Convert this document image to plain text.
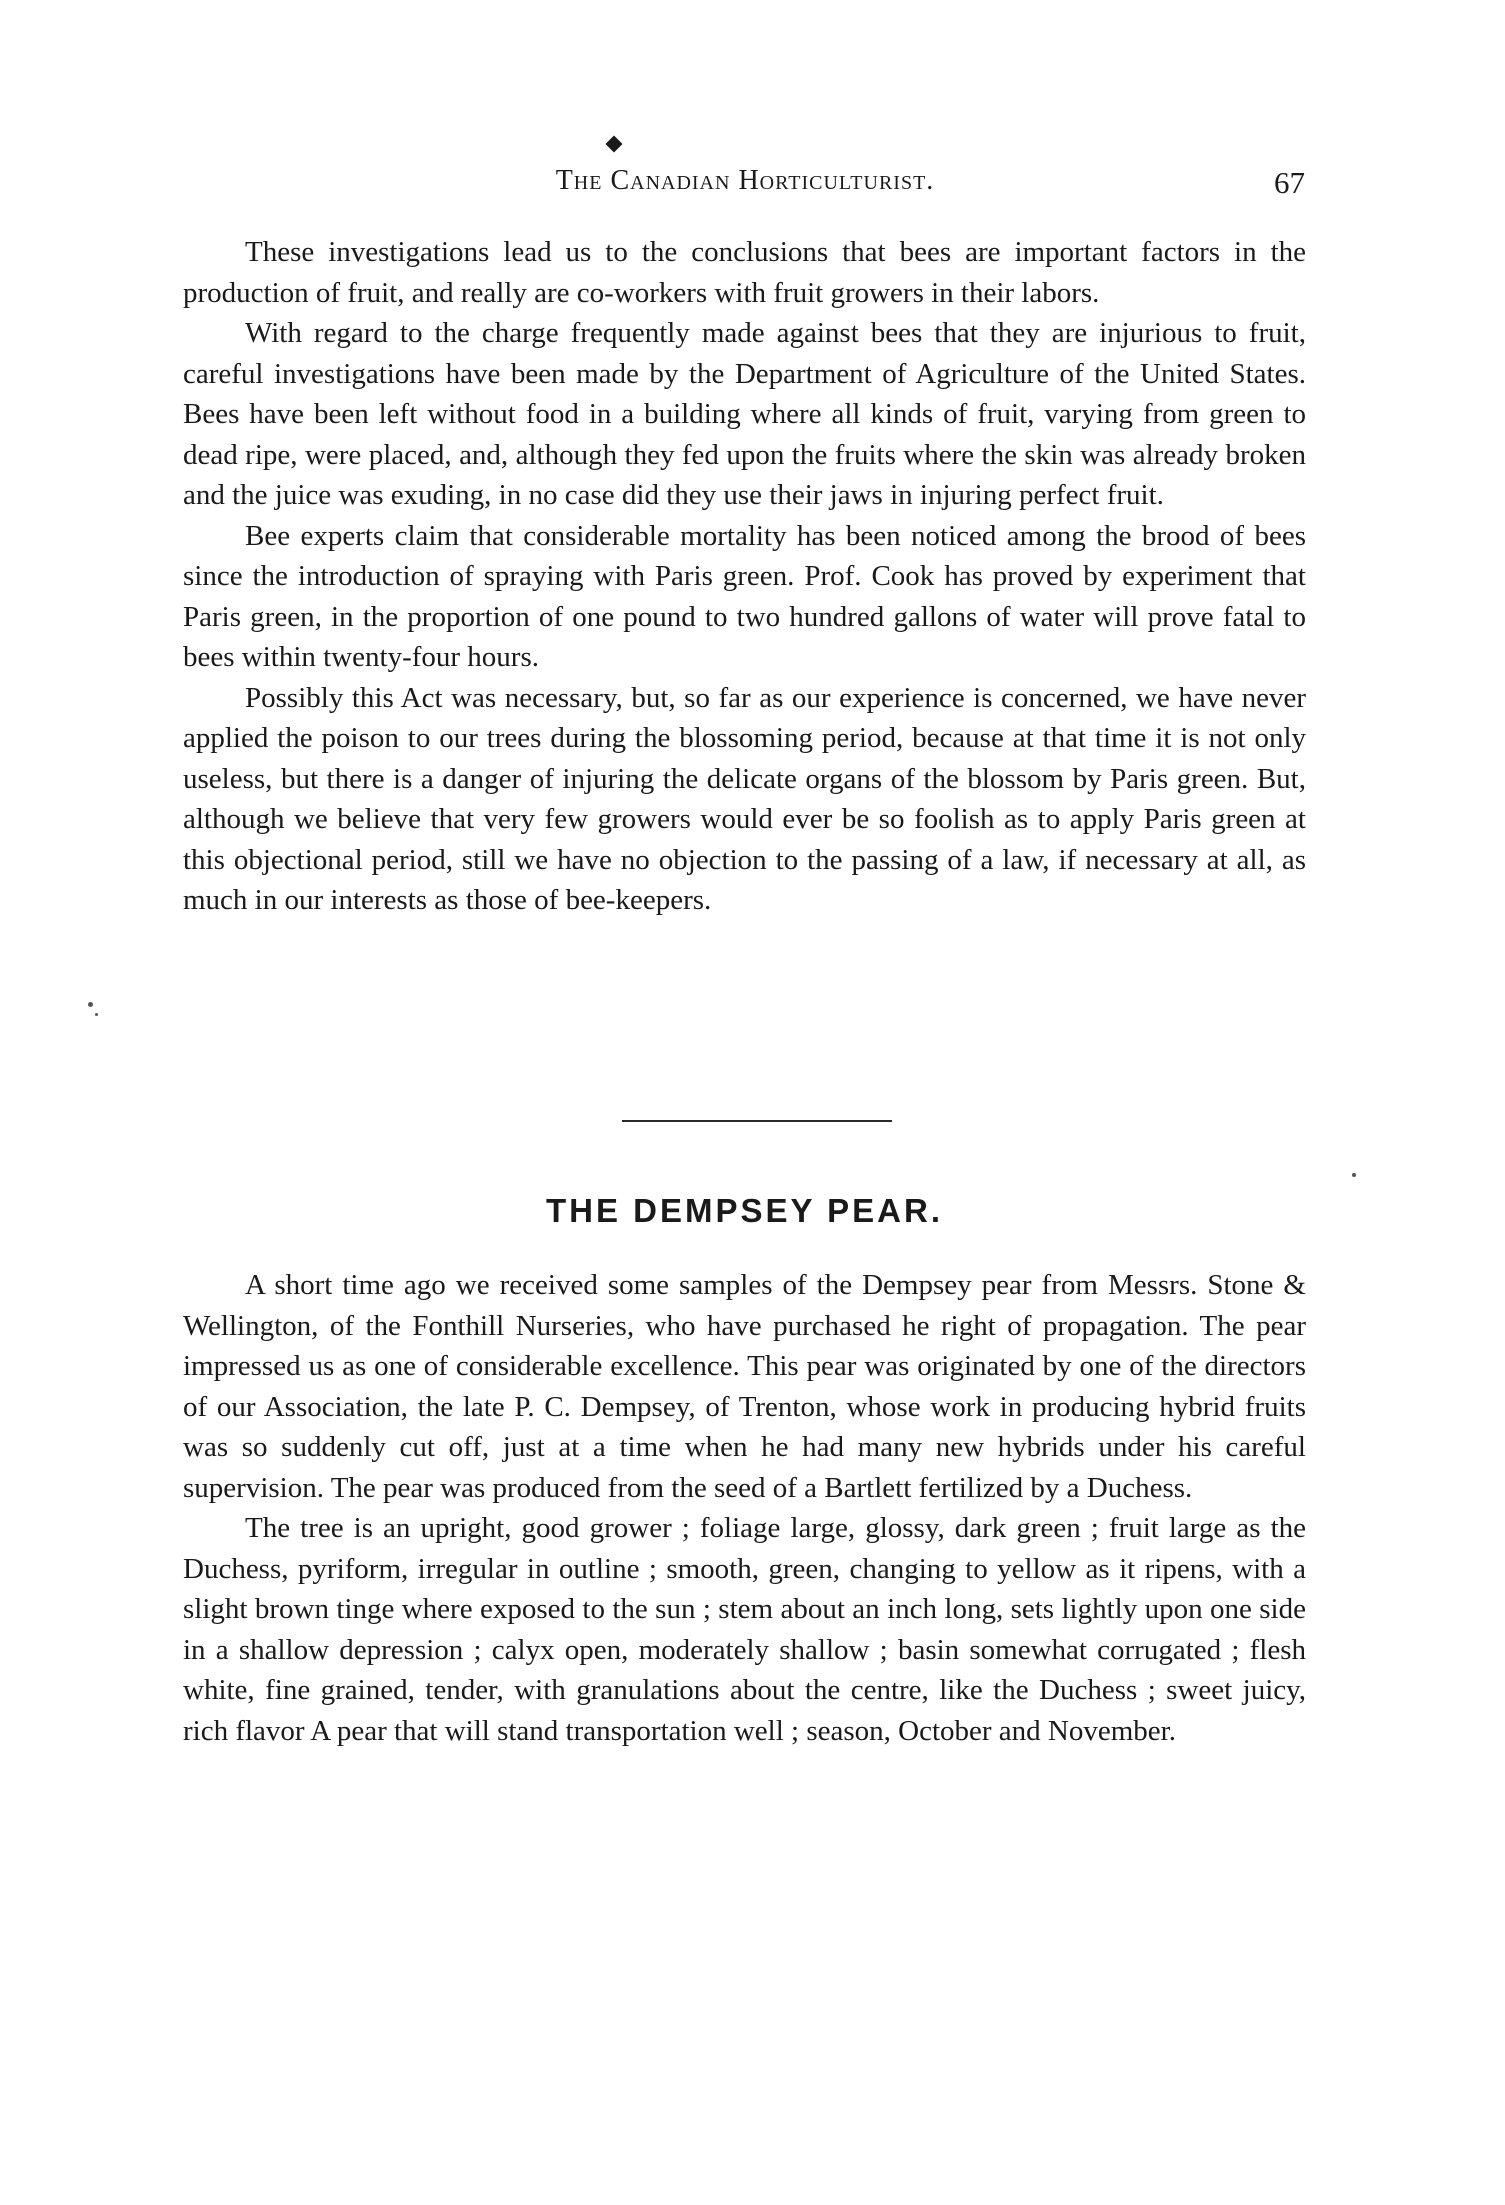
The Canadian Horticulturist.	67

These investigations lead us to the conclusions that bees are important factors in the production of fruit, and really are co-workers with fruit growers in their labors.

With regard to the charge frequently made against bees that they are injurious to fruit, careful investigations have been made by the Department of Agriculture of the United States. Bees have been left without food in a building where all kinds of fruit, varying from green to dead ripe, were placed, and, although they fed upon the fruits where the skin was already broken and the juice was exuding, in no case did they use their jaws in injuring perfect fruit.

Bee experts claim that considerable mortality has been noticed among the brood of bees since the introduction of spraying with Paris green. Prof. Cook has proved by experiment that Paris green, in the proportion of one pound to two hundred gallons of water will prove fatal to bees within twenty-four hours.

Possibly this Act was necessary, but, so far as our experience is concerned, we have never applied the poison to our trees during the blossoming period, because at that time it is not only useless, but there is a danger of injuring the delicate organs of the blossom by Paris green. But, although we believe that very few growers would ever be so foolish as to apply Paris green at this objectional period, still we have no objection to the passing of a law, if necessary at all, as much in our interests as those of bee-keepers.

THE DEMPSEY PEAR.

A short time ago we received some samples of the Dempsey pear from Messrs. Stone & Wellington, of the Fonthill Nurseries, who have purchased he right of propagation. The pear impressed us as one of considerable excellence. This pear was originated by one of the directors of our Association, the late P. C. Dempsey, of Trenton, whose work in producing hybrid fruits was so suddenly cut off, just at a time when he had many new hybrids under his careful supervision. The pear was produced from the seed of a Bartlett fertilized by a Duchess.

The tree is an upright, good grower ; foliage large, glossy, dark green ; fruit large as the Duchess, pyriform, irregular in outline ; smooth, green, changing to yellow as it ripens, with a slight brown tinge where exposed to the sun ; stem about an inch long, sets lightly upon one side in a shallow depression ; calyx open, moderately shallow ; basin somewhat corrugated ; flesh white, fine grained, tender, with granulations about the centre, like the Duchess ; sweet juicy, rich flavor A pear that will stand transportation well ; season, October and November.
